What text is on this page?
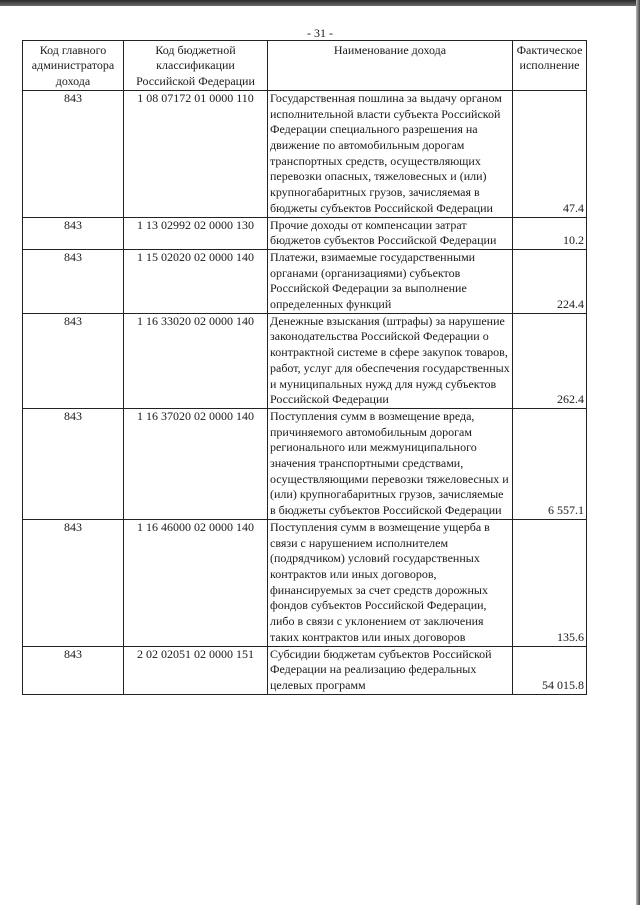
- 31 -
Код главного администратора дохода	Код бюджетной классификации Российской Федерации	Наименование дохода	Фактическое исполнение
843	1 08 07172 01 0000 110	Государственная пошлина за выдачу органом исполнительной власти субъекта Российской Федерации специального разрешения на движение по автомобильным дорогам транспортных средств, осуществляющих перевозки опасных, тяжеловесных и (или) крупногабаритных грузов, зачисляемая в бюджеты субъектов Российской Федерации	47.4
843	1 13 02992 02 0000 130	Прочие доходы от компенсации затрат бюджетов субъектов Российской Федерации	10.2
843	1 15 02020 02 0000 140	Платежи, взимаемые государственными органами (организациями) субъектов Российской Федерации за выполнение определенных функций	224.4
843	1 16 33020 02 0000 140	Денежные взыскания (штрафы) за нарушение законодательства Российской Федерации о контрактной системе в сфере закупок товаров, работ, услуг для обеспечения государственных и муниципальных нужд для нужд субъектов Российской Федерации	262.4
843	1 16 37020 02 0000 140	Поступления сумм в возмещение вреда, причиняемого автомобильным дорогам регионального или межмуниципального значения транспортными средствами, осуществляющими перевозки тяжеловесных и (или) крупногабаритных грузов, зачисляемые в бюджеты субъектов Российской Федерации	6 557.1
843	1 16 46000 02 0000 140	Поступления сумм в возмещение ущерба в связи с нарушением исполнителем (подрядчиком) условий государственных контрактов или иных договоров, финансируемых за счет средств дорожных фондов субъектов Российской Федерации, либо в связи с уклонением от заключения таких контрактов или иных договоров	135.6
843	2 02 02051 02 0000 151	Субсидии бюджетам субъектов Российской Федерации на реализацию федеральных целевых программ	54 015.8
